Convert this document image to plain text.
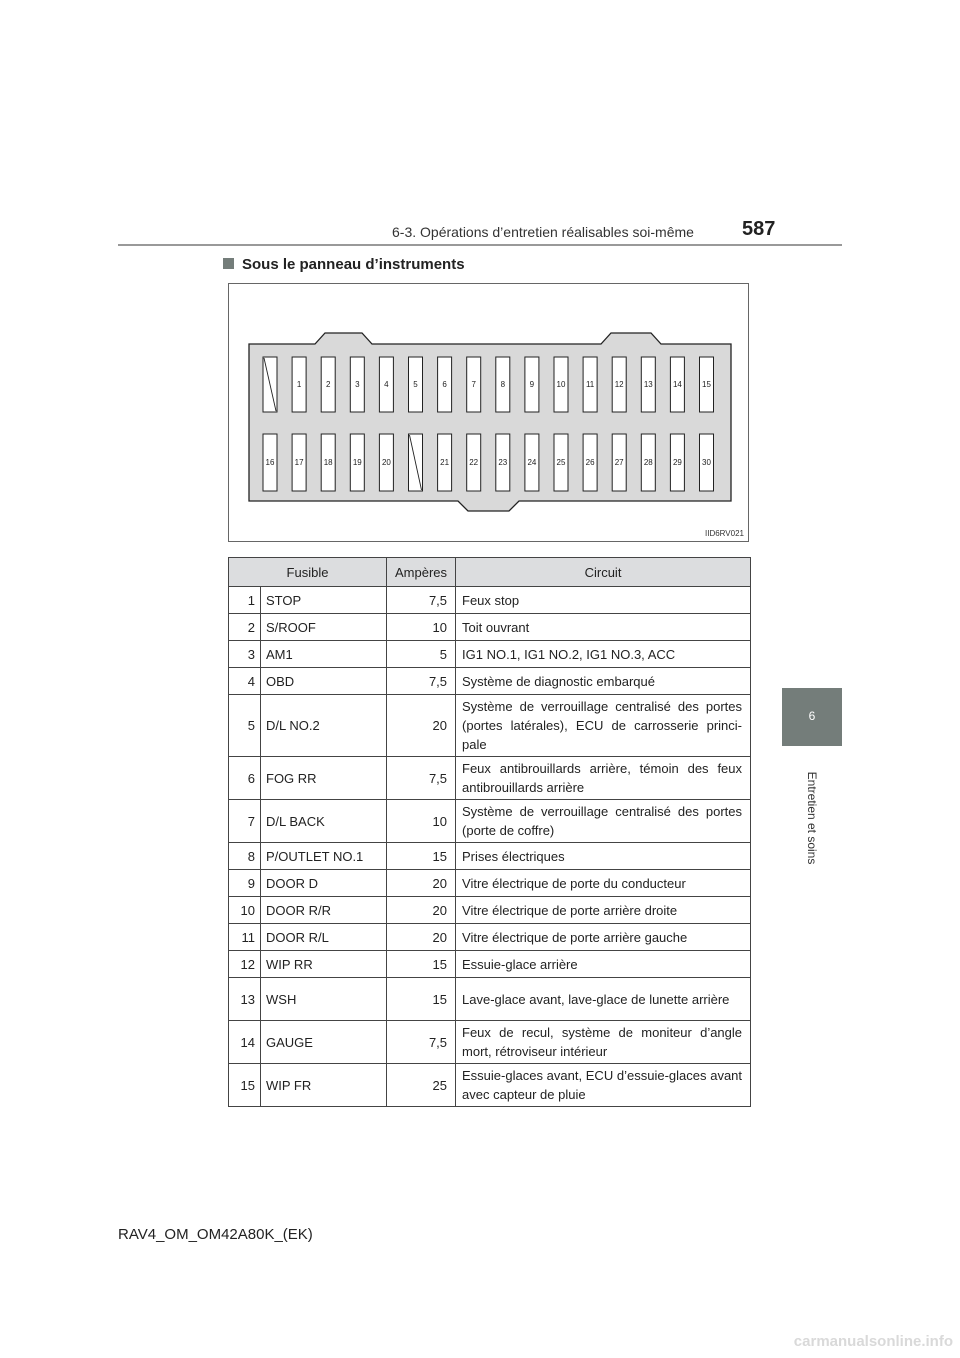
6-3. Opérations d’entretien réalisables soi-même 587
6
Entretien et soins
Sous le panneau d’instruments
1	2	3	4	5	6	7	8	9	10	11	12	13	14	15
16	17	18	19	20	21	22	23	24	25	26	27	28	29	30
IID6RV021
Fusible		Ampères	Circuit
1	STOP	7,5	Feux stop
2	S/ROOF	10	Toit ouvrant
3	AM1	5	IG1 NO.1, IG1 NO.2, IG1 NO.3, ACC
4	OBD	7,5	Système de diagnostic embarqué
5	D/L NO.2	20	Système de verrouillage centralisé des portes (portes latérales), ECU de carrosserie princi-pale
6	FOG RR	7,5	Feux antibrouillards arrière, témoin des feux antibrouillards arrière
7	D/L BACK	10	Système de verrouillage centralisé des portes (porte de coffre)
8	P/OUTLET NO.1	15	Prises électriques
9	DOOR D	20	Vitre électrique de porte du conducteur
10	DOOR R/R	20	Vitre électrique de porte arrière droite
11	DOOR R/L	20	Vitre électrique de porte arrière gauche
12	WIP RR	15	Essuie-glace arrière
13	WSH	15	Lave-glace avant, lave-glace de lunette arrière
14	GAUGE	7,5	Feux de recul, système de moniteur d’angle mort, rétroviseur intérieur
15	WIP FR	25	Essuie-glaces avant, ECU d’essuie-glaces avant avec capteur de pluie
RAV4_OM_OM42A80K_(EK)
carmanualsonline.info
